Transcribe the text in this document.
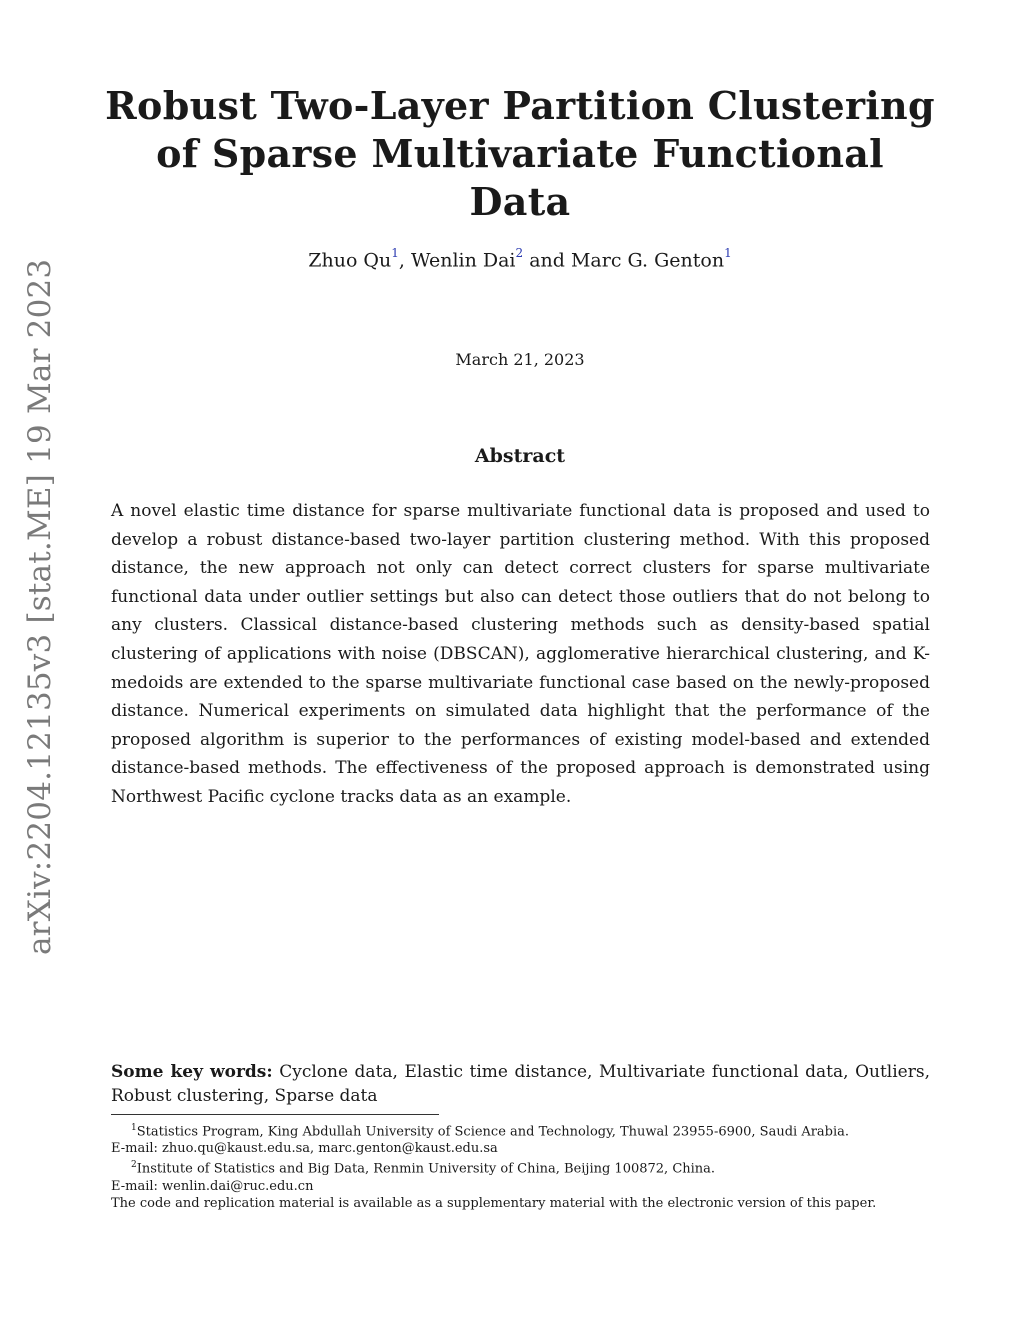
arXiv:2204.12135v3 [stat.ME] 19 Mar 2023
Robust Two-Layer Partition Clustering
of Sparse Multivariate Functional Data
Zhuo Qu$^1$, Wenlin Dai$^2$ and Marc G. Genton$^1$
March 21, 2023
Abstract

A novel elastic time distance for sparse multivariate functional data is proposed and used to develop a robust distance-based two-layer partition clustering method. With this proposed distance, the new approach not only can detect correct clusters for sparse multivariate functional data under outlier settings but also can detect those outliers that do not belong to any clusters. Classical distance-based clustering methods such as density-based spatial clustering of applications with noise (DBSCAN), agglomerative hierarchical clustering, and K-medoids are extended to the sparse multivariate functional case based on the newly-proposed distance. Numerical experiments on simulated data highlight that the performance of the proposed algorithm is superior to the performances of existing model-based and extended distance-based methods. The effectiveness of the proposed approach is demonstrated using Northwest Pacific cyclone tracks data as an example.

Some key words: Cyclone data, Elastic time distance, Multivariate functional data, Outliers, Robust clustering, Sparse data

$^1$Statistics Program, King Abdullah University of Science and Technology, Thuwal 23955-6900, Saudi Arabia.

E-mail: zhuo.qu@kaust.edu.sa, marc.genton@kaust.edu.sa

$^2$Institute of Statistics and Big Data, Renmin University of China, Beijing 100872, China.

E-mail: wenlin.dai@ruc.edu.cn

The code and replication material is available as a supplementary material with the electronic version of this paper.
